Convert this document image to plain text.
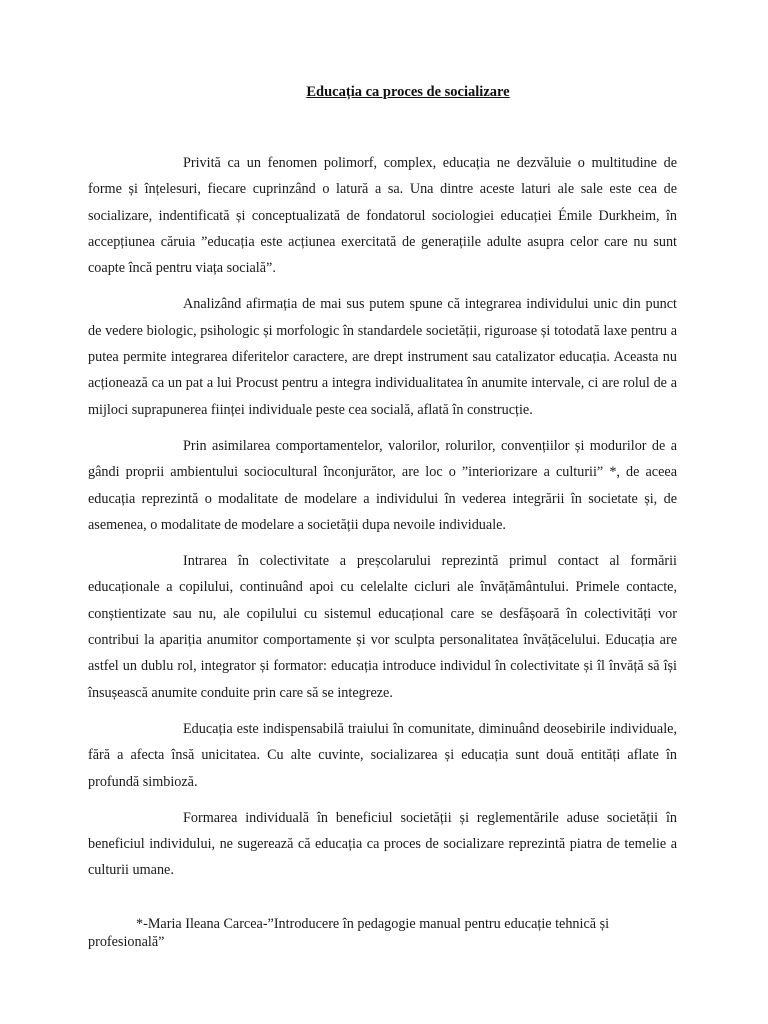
Educația ca proces de socializare

Privită ca un fenomen polimorf, complex, educația ne dezvăluie o multitudine de forme și înțelesuri, fiecare cuprinzând o latură a sa. Una dintre aceste laturi ale sale este cea de socializare, indentificată și conceptualizată de fondatorul sociologiei educației Émile Durkheim, în accepțiunea căruia ”educația este acțiunea exercitată de generațiile adulte asupra celor care nu sunt coapte încă pentru viața socială”.

Analizând afirmația de mai sus putem spune că integrarea individului unic din punct de vedere biologic, psihologic și morfologic în standardele societății, riguroase și totodată laxe pentru a putea permite integrarea diferitelor caractere, are drept instrument sau catalizator educația. Aceasta nu acționează ca un pat a lui Procust pentru a integra individualitatea în anumite intervale, ci are rolul de a mijloci suprapunerea ființei individuale peste cea socială, aflată în construcție.

Prin asimilarea comportamentelor, valorilor, rolurilor, convențiilor și modurilor de a gândi proprii ambientului sociocultural înconjurător, are loc o ”interiorizare a culturii” *, de aceea educația reprezintă o modalitate de modelare a individului în vederea integrării în societate și, de asemenea, o modalitate de modelare a societății dupa nevoile individuale.

Intrarea în colectivitate a preșcolarului reprezintă primul contact al formării educaționale a copilului, continuând apoi cu celelalte cicluri ale învățământului. Primele contacte, conștientizate sau nu, ale copilului cu sistemul educațional care se desfășoară în colectivități vor contribui la apariția anumitor comportamente și vor sculpta personalitatea învățăcelului. Educația are astfel un dublu rol, integrator și formator: educația introduce individul în colectivitate și îl învăță să își însușească anumite conduite prin care să se integreze.

Educația este indispensabilă traiului în comunitate, diminuând deosebirile individuale, fără a afecta însă unicitatea. Cu alte cuvinte, socializarea și educația sunt două entități aflate în profundă simbioză.

Formarea individuală în beneficiul societății și reglementările aduse societății în beneficiul individului, ne sugerează că educația ca proces de socializare reprezintă piatra de temelie a culturii umane.

*-Maria Ileana Carcea-”Introducere în pedagogie manual pentru educație tehnică și profesională”
